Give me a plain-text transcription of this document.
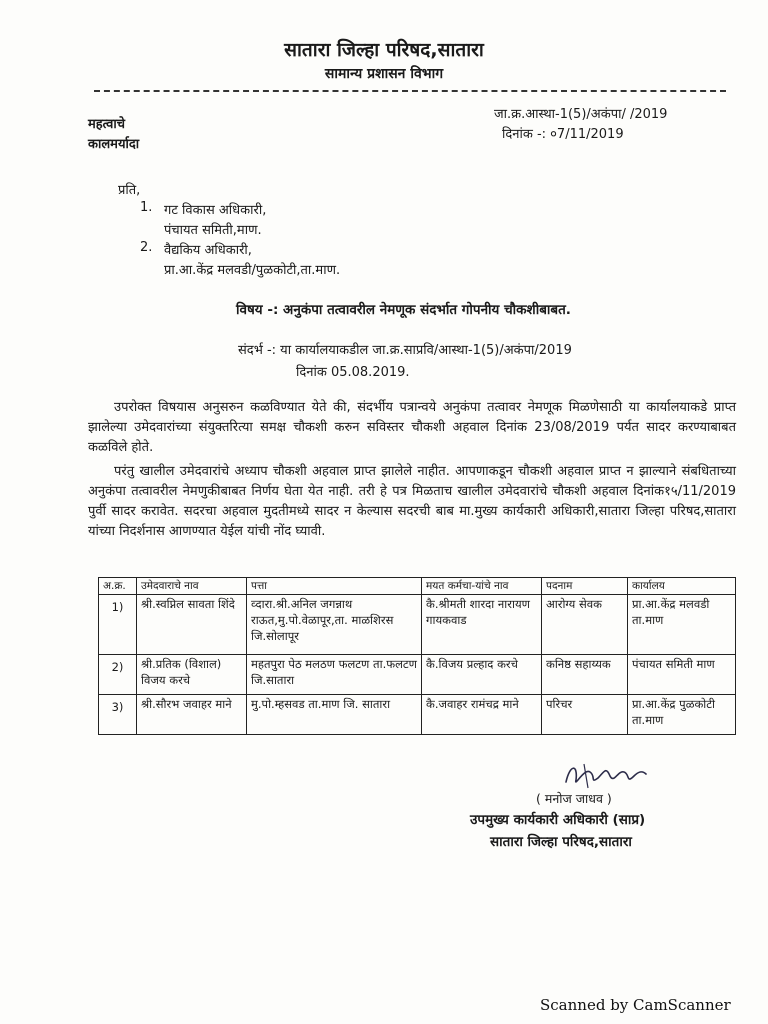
सातारा जिल्हा परिषद,सातारा
सामान्य प्रशासन विभाग
महत्वाचे
कालमर्यादा
जा.क्र.आस्था-1(5)/अकंपा/ /2019
दिनांक -: ०7/11/2019
प्रति,
1. गट विकास अधिकारी,
पंचायत समिती,माण.
2. वैद्यकिय अधिकारी,
प्रा.आ.केंद्र मलवडी/पुळकोटी,ता.माण.
विषय -: अनुकंपा तत्वावरील नेमणूक संदर्भात गोपनीय चौकशीबाबत.
संदर्भ -: या कार्यालयाकडील जा.क्र.साप्रवि/आस्था-1(5)/अकंपा/2019
दिनांक 05.08.2019.
उपरोक्त विषयास अनुसरुन कळविण्यात येते की, संदर्भीय पत्रान्वये अनुकंपा तत्वावर नेमणूक मिळणेसाठी या कार्यालयाकडे प्राप्त झालेल्या उमेदवारांच्या संयुक्तरित्या समक्ष चौकशी करुन सविस्तर चौकशी अहवाल दिनांक 23/08/2019 पर्यत सादर करण्याबाबत कळविले होते.
परंतु खालील उमेदवारांचे अध्याप चौकशी अहवाल प्राप्त झालेले नाहीत. आपणाकडून चौकशी अहवाल प्राप्त न झाल्याने संबधिताच्या अनुकंपा तत्वावरील नेमणुकीबाबत निर्णय घेता येत नाही. तरी हे पत्र मिळताच खालील उमेदवारांचे चौकशी अहवाल दिनांक१५/11/2019 पुर्वी सादर करावेत. सदरचा अहवाल मुदतीमध्ये सादर न केल्यास सदरची बाब मा.मुख्य कार्यकारी अधिकारी,सातारा जिल्हा परिषद,सातारा यांच्या निदर्शनास आणण्यात येईल यांची नोंद घ्यावी.
अ.क्र.	उमेदवाराचे नाव	पत्ता	मयत कर्मचा-यांचे नाव	पदनाम	कार्यालय
1)	श्री.स्वप्निल सावता शिंदे	व्दारा.श्री.अनिल जगन्नाथ राऊत,मु.पो.वेळापूर,ता. माळशिरस जि.सोलापूर	कै.श्रीमती शारदा नारायण गायकवाड	आरोग्य सेवक	प्रा.आ.केंद्र मलवडी ता.माण
2)	श्री.प्रतिक (विशाल) विजय करचे	महतपुरा पेठ मलठण फलटण ता.फलटण जि.सातारा	कै.विजय प्रल्हाद करचे	कनिष्ठ सहाय्यक	पंचायत समिती माण
3)	श्री.सौरभ जवाहर माने	मु.पो.म्हसवड ता.माण जि. सातारा	कै.जवाहर रामंचद्र माने	परिचर	प्रा.आ.केंद्र पुळकोटी ता.माण
( मनोज जाधव )
उपमुख्य कार्यकारी अधिकारी (साप्र)
सातारा जिल्हा परिषद,सातारा
Scanned by CamScanner
